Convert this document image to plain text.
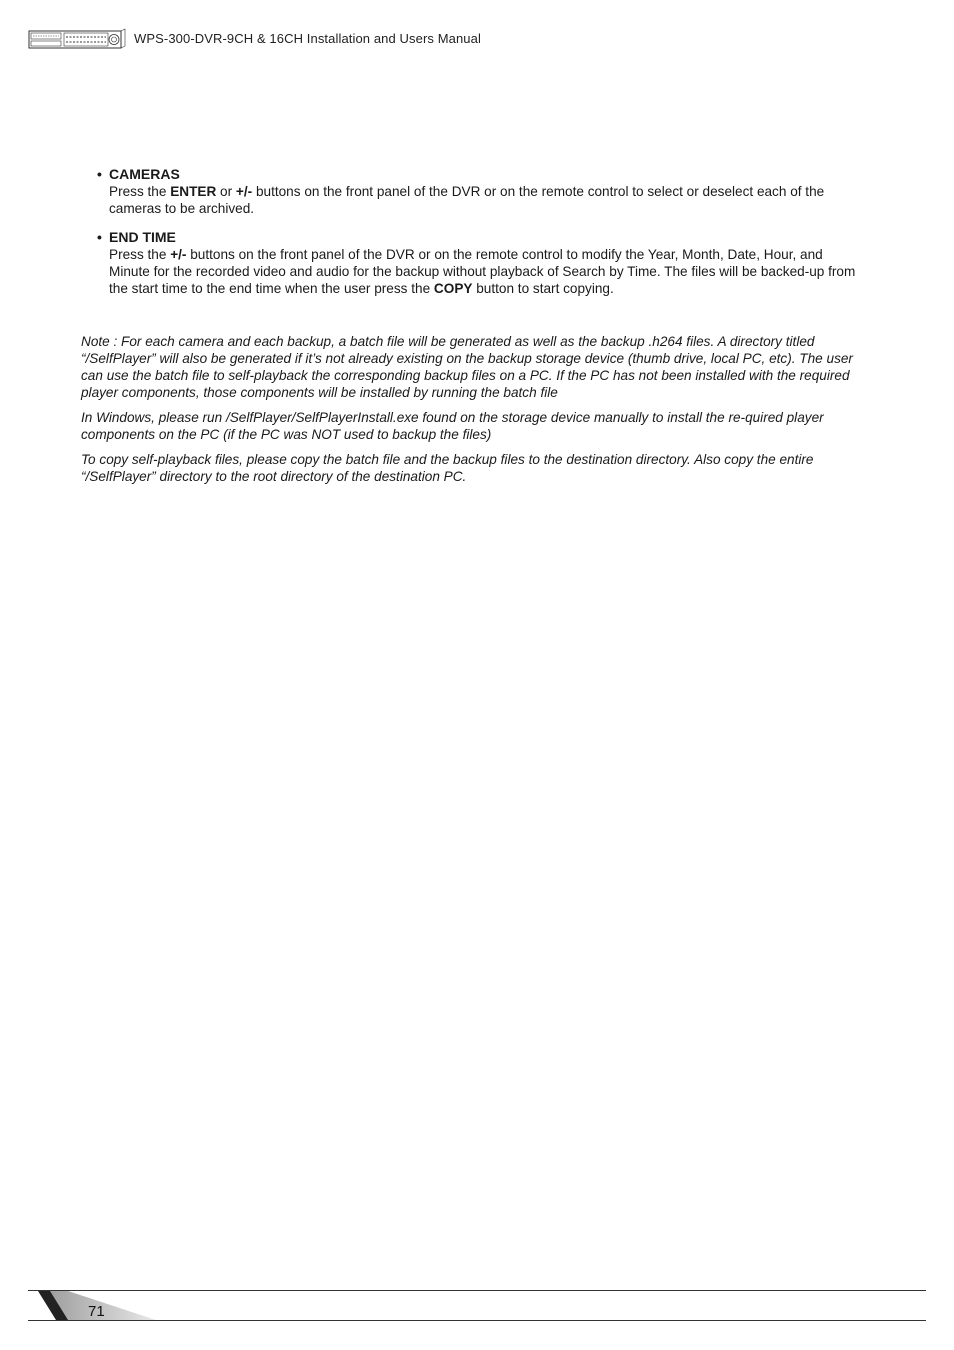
WPS-300-DVR-9CH & 16CH Installation and Users Manual
• CAMERAS
Press the ENTER or +/- buttons on the front panel of the DVR or on the remote control to select or deselect each of the cameras to be archived.
• END TIME
Press the +/- buttons on the front panel of the DVR or on the remote control to modify the Year, Month, Date, Hour, and Minute for the recorded video and audio for the backup without playback of Search by Time. The files will be backed-up from the start time to the end time when the user press the COPY button to start copying.

Note : For each camera and each backup, a batch file will be generated as well as the backup .h264 files. A directory titled “/SelfPlayer” will also be generated if it’s not already existing on the backup storage device (thumb drive, local PC, etc). The user can use the batch file to self-playback the corresponding backup files on a PC. If the PC has not been installed with the required player components, those components will be installed by running the batch file

In Windows, please run /SelfPlayer/SelfPlayerInstall.exe found on the storage device manually to install the re-quired player components on the PC (if the PC was NOT used to backup the files)

To copy self-playback files, please copy the batch file and the backup files to the destination directory. Also copy the entire “/SelfPlayer” directory to the root directory of the destination PC.

71
